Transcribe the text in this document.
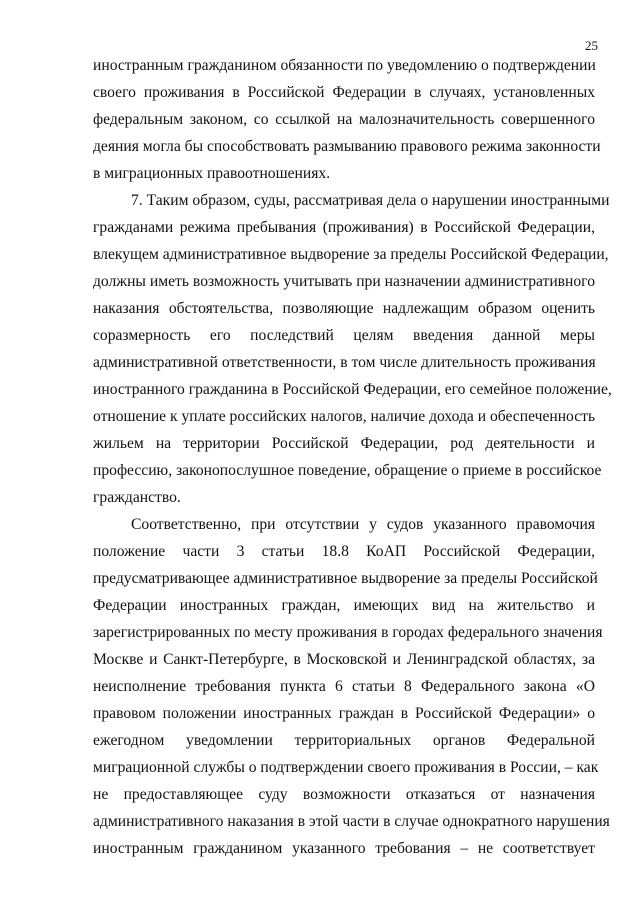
25
иностранным гражданином обязанности по уведомлению о подтверждении
своего проживания в Российской Федерации в случаях, установленных
федеральным законом, со ссылкой на малозначительность совершенного
деяния могла бы способствовать размыванию правового режима законности
в миграционных правоотношениях.
7. Таким образом, суды, рассматривая дела о нарушении иностранными
гражданами режима пребывания (проживания) в Российской Федерации,
влекущем административное выдворение за пределы Российской Федерации,
должны иметь возможность учитывать при назначении административного
наказания обстоятельства, позволяющие надлежащим образом оценить
соразмерность его последствий целям введения данной меры
административной ответственности, в том числе длительность проживания
иностранного гражданина в Российской Федерации, его семейное положение,
отношение к уплате российских налогов, наличие дохода и обеспеченность
жильем на территории Российской Федерации, род деятельности и
профессию, законопослушное поведение, обращение о приеме в российское
гражданство.
Соответственно, при отсутствии у судов указанного правомочия
положение части 3 статьи 18.8 КоАП Российской Федерации,
предусматривающее административное выдворение за пределы Российской
Федерации иностранных граждан, имеющих вид на жительство и
зарегистрированных по месту проживания в городах федерального значения
Москве и Санкт-Петербурге, в Московской и Ленинградской областях, за
неисполнение требования пункта 6 статьи 8 Федерального закона «О
правовом положении иностранных граждан в Российской Федерации» о
ежегодном уведомлении территориальных органов Федеральной
миграционной службы о подтверждении своего проживания в России, – как
не предоставляющее суду возможности отказаться от назначения
административного наказания в этой части в случае однократного нарушения
иностранным гражданином указанного требования – не соответствует
